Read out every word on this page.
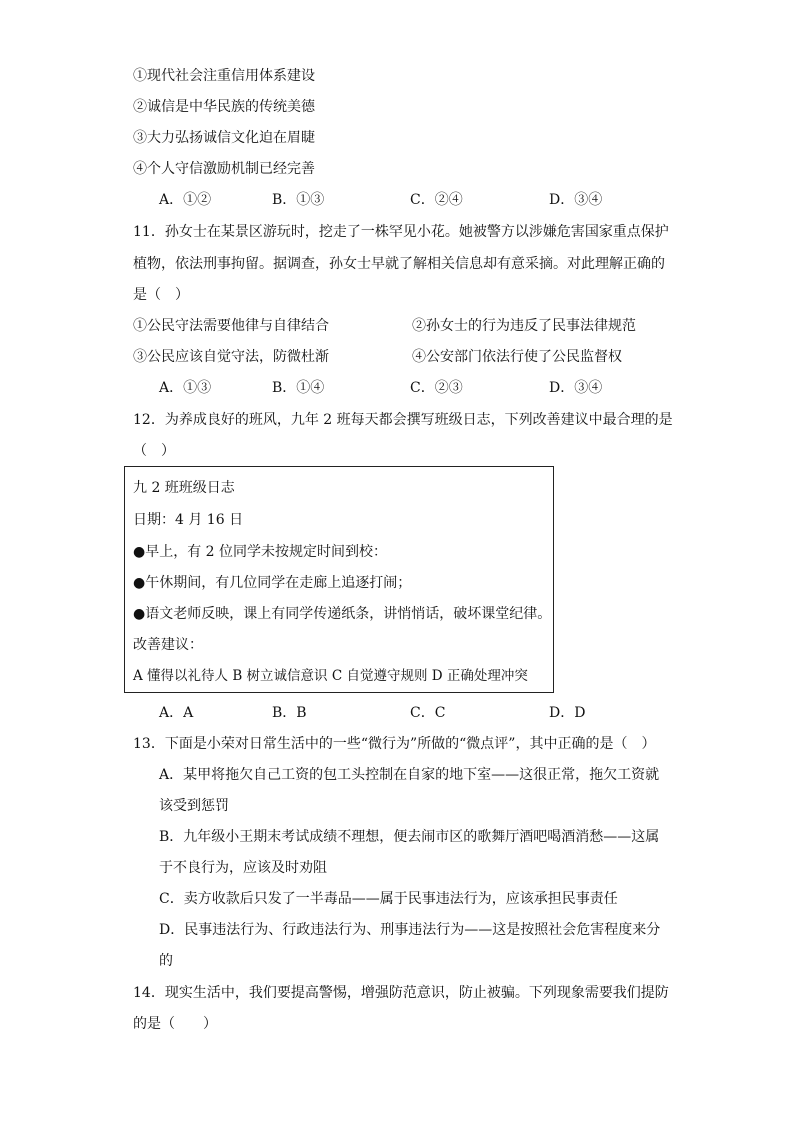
①现代社会注重信用体系建设
②诚信是中华民族的传统美德
③大力弘扬诚信文化迫在眉睫
④个人守信激励机制已经完善
A．①②	B．①③	C．②④	D．③④
11．孙女士在某景区游玩时，挖走了一株罕见小花。她被警方以涉嫌危害国家重点保护
植物，依法刑事拘留。据调查，孙女士早就了解相关信息却有意采摘。对此理解正确的
是（　）
①公民守法需要他律与自律结合	②孙女士的行为违反了民事法律规范
③公民应该自觉守法，防微杜渐	④公安部门依法行使了公民监督权
A．①③	B．①④	C．②③	D．③④
12．为养成良好的班风，九年 2 班每天都会撰写班级日志，下列改善建议中最合理的是
（　）
九 2 班班级日志
日期：4 月 16 日
●早上，有 2 位同学未按规定时间到校：
●午休期间，有几位同学在走廊上追逐打闹；
●语文老师反映，课上有同学传递纸条，讲悄悄话，破坏课堂纪律。
改善建议：
A 懂得以礼待人 B 树立诚信意识 C 自觉遵守规则 D 正确处理冲突
A．A	B．B	C．C	D．D
13．下面是小荣对日常生活中的一些“微行为”所做的“微点评”，其中正确的是（　）
A．某甲将拖欠自己工资的包工头控制在自家的地下室——这很正常，拖欠工资就
该受到惩罚
B．九年级小王期末考试成绩不理想，便去闹市区的歌舞厅酒吧喝酒消愁——这属
于不良行为，应该及时劝阻
C．卖方收款后只发了一半毒品——属于民事违法行为，应该承担民事责任
D．民事违法行为、行政违法行为、刑事违法行为——这是按照社会危害程度来分
的
14．现实生活中，我们要提高警惕，增强防范意识，防止被骗。下列现象需要我们提防
的是（　　）
